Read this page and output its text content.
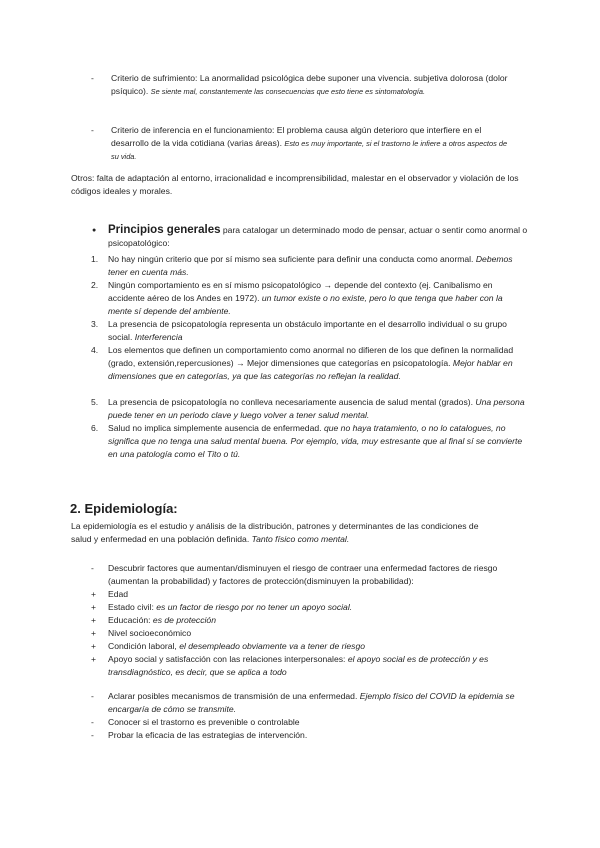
- Criterio de sufrimiento: La anormalidad psicológica debe suponer una vivencia. subjetiva dolorosa (dolor psíquico). Se siente mal, constantemente las consecuencias que esto tiene es sintomatología.
- Criterio de inferencia en el funcionamiento: El problema causa algún deterioro que interfiere en el desarrollo de la vida cotidiana (varias áreas). Esto es muy importante, si el trastorno le infiere a otros aspectos de su vida.
Otros: falta de adaptación al entorno, irracionalidad e incomprensibilidad, malestar en el observador y violación de los códigos ideales y morales.
● Principios generales para catalogar un determinado modo de pensar, actuar o sentir como anormal o psicopatológico:
1. No hay ningún criterio que por sí mismo sea suficiente para definir una conducta como anormal. Debemos tener en cuenta más.
2. Ningún comportamiento es en sí mismo psicopatológico → depende del contexto (ej. Canibalismo en accidente aéreo de los Andes en 1972). un tumor existe o no existe, pero lo que tenga que haber con la mente sí depende del ambiente.
3. La presencia de psicopatología representa un obstáculo importante en el desarrollo individual o su grupo social. Interferencia
4. Los elementos que definen un comportamiento como anormal no difieren de los que definen la normalidad (grado, extensión,repercusiones) → Mejor dimensiones que categorías en psicopatología. Mejor hablar en dimensiones que en categorías, ya que las categorías no reflejan la realidad.
5. La presencia de psicopatología no conlleva necesariamente ausencia de salud mental (grados). Una persona puede tener en un periodo clave y luego volver a tener salud mental.
6. Salud no implica simplemente ausencia de enfermedad. que no haya tratamiento, o no lo catalogues, no significa que no tenga una salud mental buena. Por ejemplo, vida, muy estresante que al final sí se convierte en una patología como el Tito o tú.
2. Epidemiología:
La epidemiología es el estudio y análisis de la distribución, patrones y determinantes de las condiciones de salud y enfermedad en una población definida. Tanto físico como mental.
- Descubrir factores que aumentan/disminuyen el riesgo de contraer una enfermedad factores de riesgo (aumentan la probabilidad) y factores de protección(disminuyen la probabilidad):
+ Edad
+ Estado civil: es un factor de riesgo por no tener un apoyo social.
+ Educación: es de protección
+ Nivel socioeconómico
+ Condición laboral, el desempleado obviamente va a tener de riesgo
+ Apoyo social y satisfacción con las relaciones interpersonales: el apoyo social es de protección y es transdiagnóstico, es decir, que se aplica a todo
- Aclarar posibles mecanismos de transmisión de una enfermedad. Ejemplo físico del COVID la epidemia se encargaría de cómo se transmite.
- Conocer si el trastorno es prevenible o controlable
- Probar la eficacia de las estrategias de intervención.
